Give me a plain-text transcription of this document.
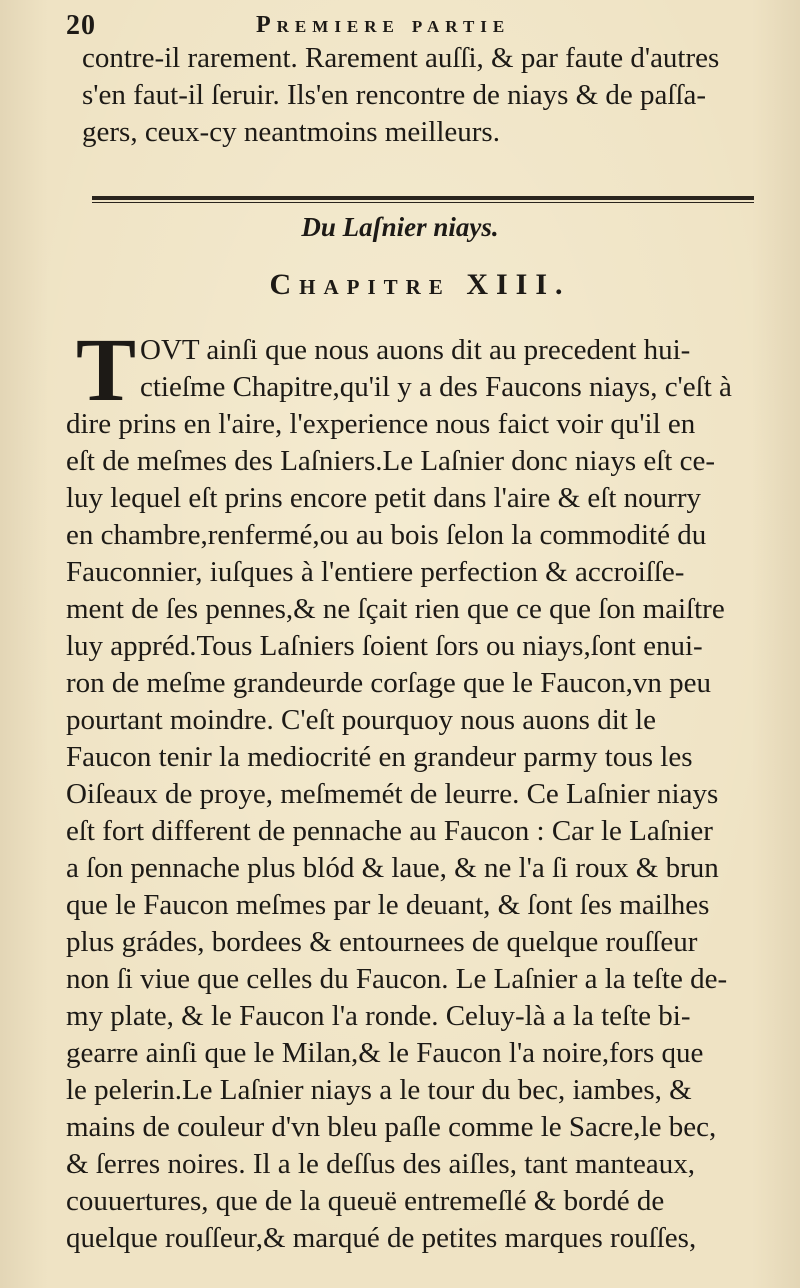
20	Premiere partie
contre-il rarement. Rarement auſſi, & par faute d'autres
s'en faut-il ſeruir. Ils'en rencontre de niays & de paſſa-
gers, ceux-cy neantmoins meilleurs.
Du Laſnier niays.
Chapitre XIII.
T OVT ainſi que nous auons dit au precedent hui-
ctieſme Chapitre,qu'il y a des Faucons niays, c'eſt à
dire prins en l'aire, l'experience nous faict voir qu'il en
eſt de meſmes des Laſniers.Le Laſnier donc niays eſt ce-
luy lequel eſt prins encore petit dans l'aire & eſt nourry
en chambre,renfermé,ou au bois ſelon la commodité du
Fauconnier, iuſques à l'entiere perfection & accroiſſe-
ment de ſes pennes,& ne ſçait rien que ce que ſon maiſtre
luy appréd.Tous Laſniers ſoient ſors ou niays,ſont enui-
ron de meſme grandeurde corſage que le Faucon,vn peu
pourtant moindre. C'eſt pourquoy nous auons dit le
Faucon tenir la mediocrité en grandeur parmy tous les
Oiſeaux de proye, meſmemét de leurre. Ce Laſnier niays
eſt fort different de pennache au Faucon : Car le Laſnier
a ſon pennache plus blód & laue, & ne l'a ſi roux & brun
que le Faucon meſmes par le deuant, & ſont ſes mailhes
plus grádes, bordees & entournees de quelque rouſſeur
non ſi viue que celles du Faucon. Le Laſnier a la teſte de-
my plate, & le Faucon l'a ronde. Celuy-là a la teſte bi-
gearre ainſi que le Milan,& le Faucon l'a noire,fors que
le pelerin.Le Laſnier niays a le tour du bec, iambes, &
mains de couleur d'vn bleu paſle comme le Sacre,le bec,
& ſerres noires. Il a le deſſus des aiſles, tant manteaux,
couuertures, que de la queuë entremeſlé & bordé de
quelque rouſſeur,& marqué de petites marques rouſſes,
